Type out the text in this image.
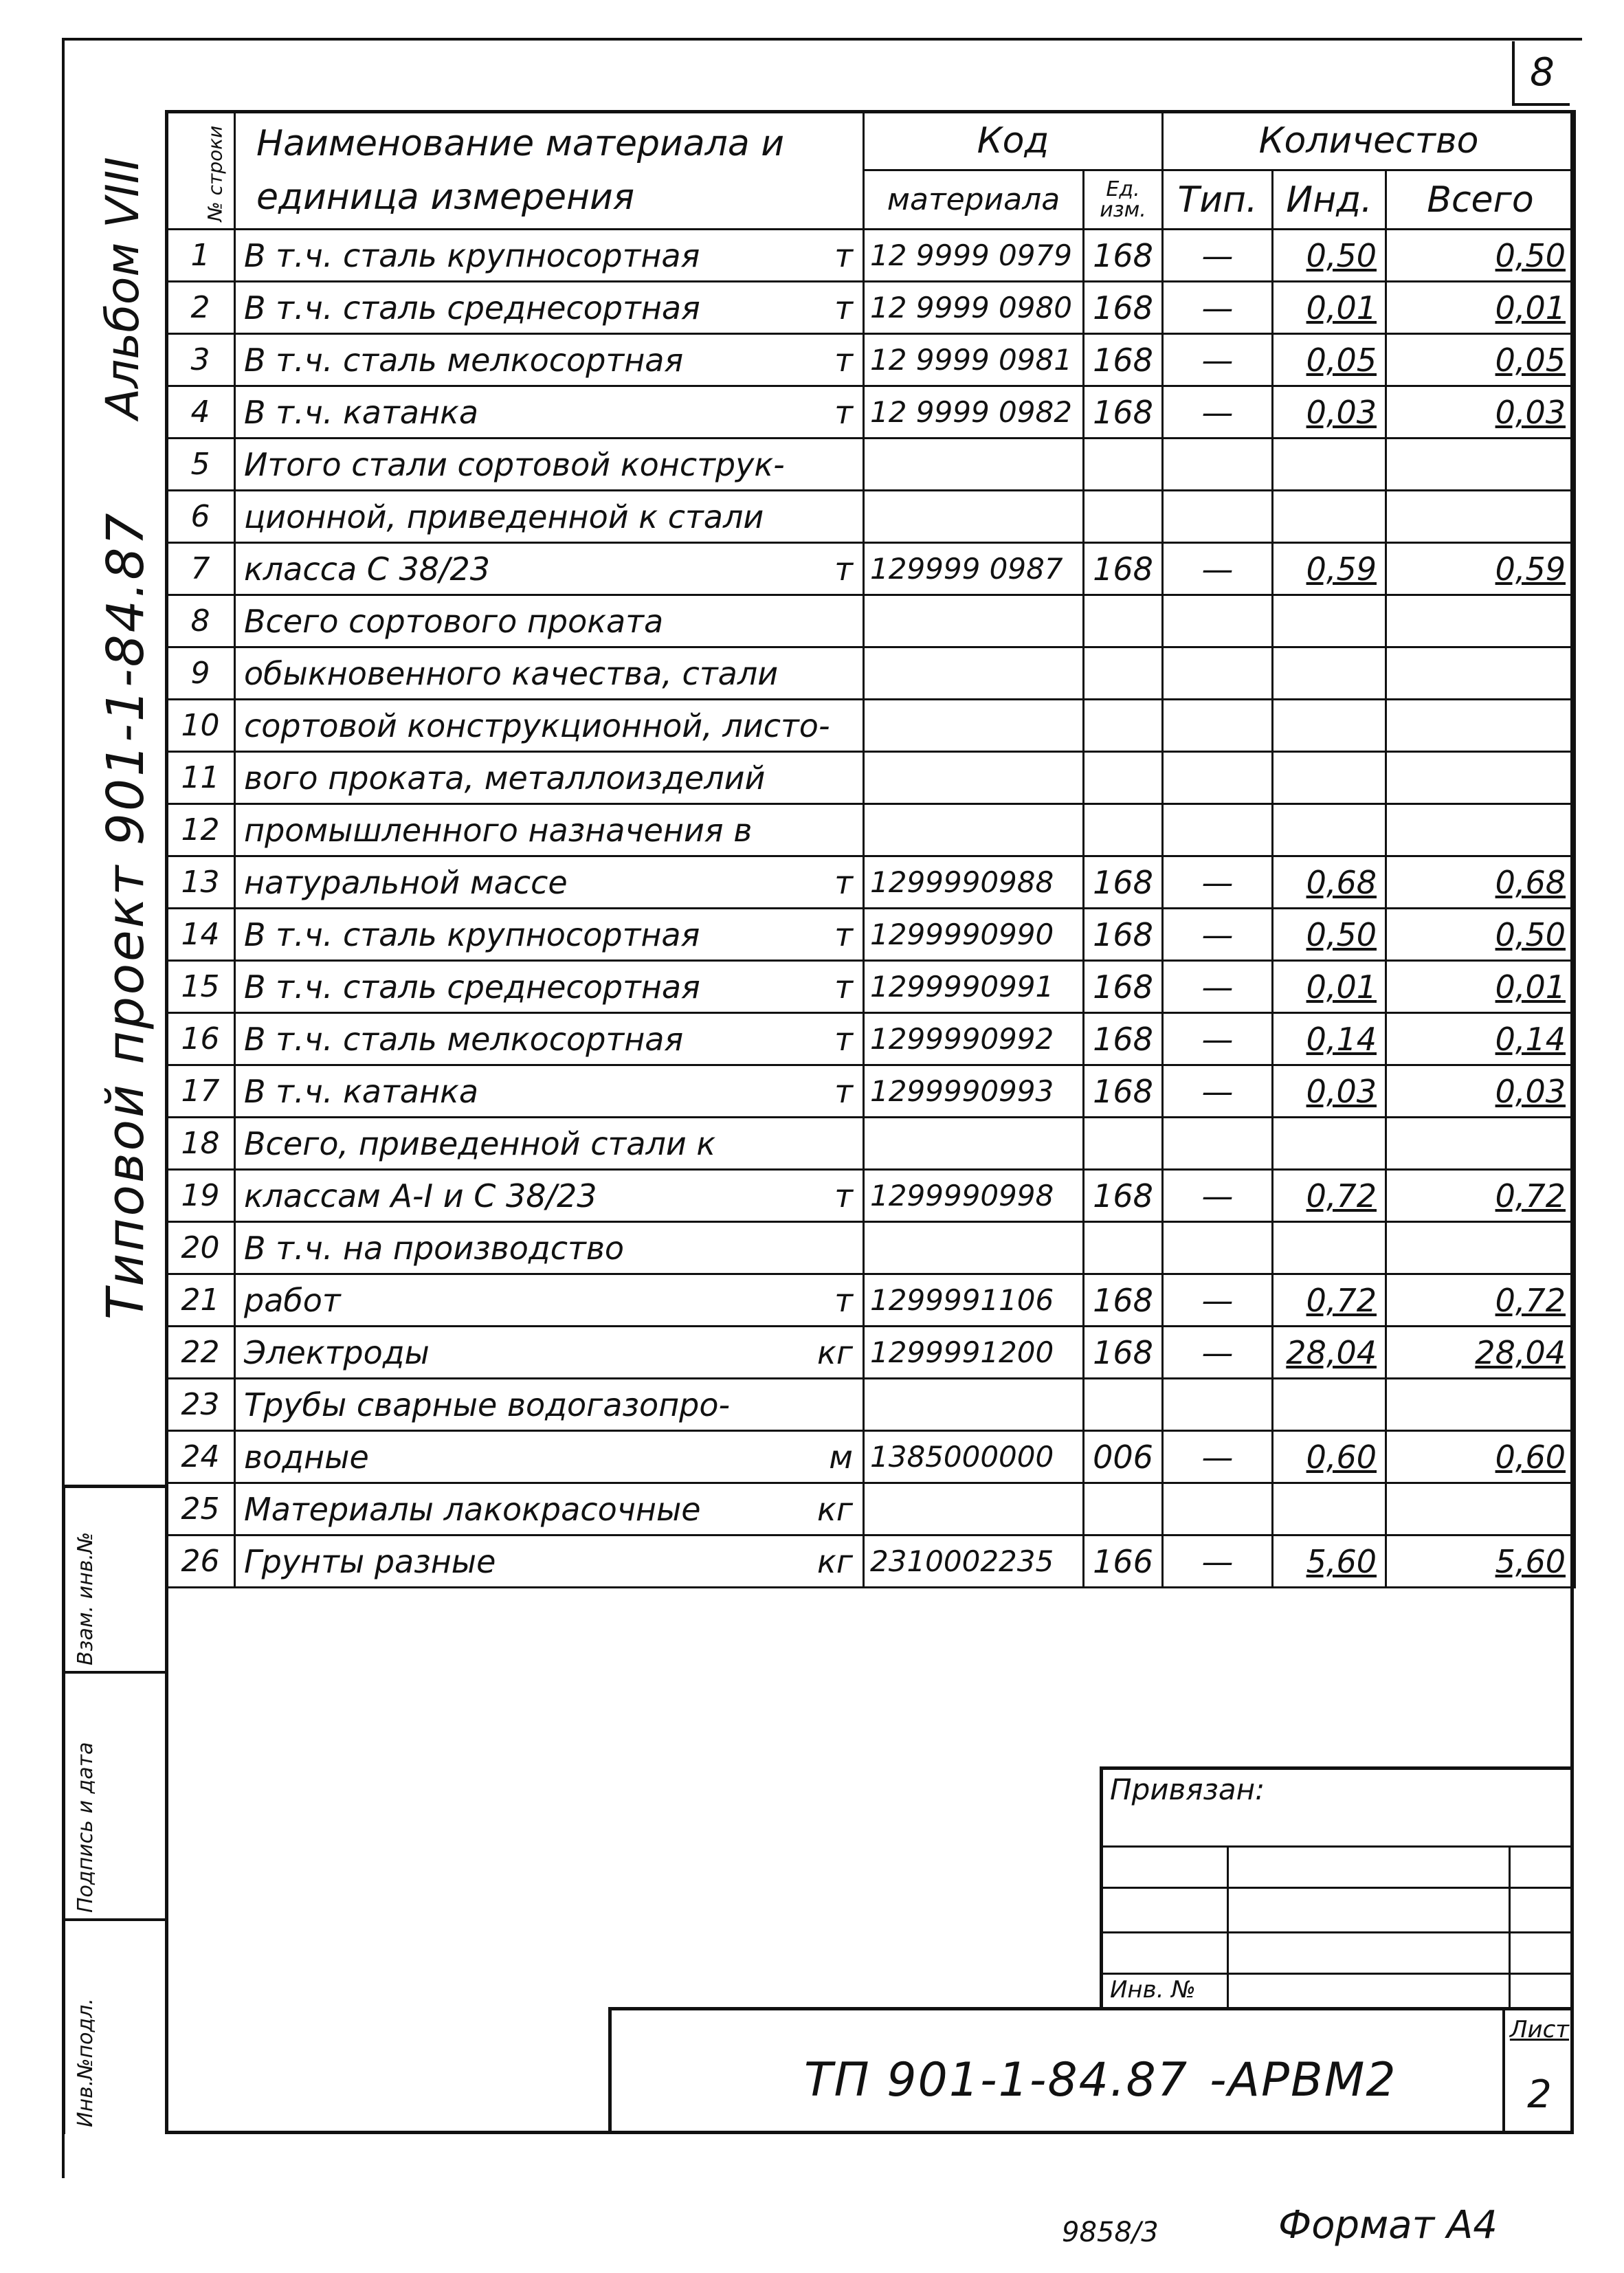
8
Альбом VIII
Типовой проект 901-1-84.87
Взам. инв.№
Подпись и дата
Инв.№подл.
№ строки	Наименование материала и единица измерения	Код		Количество		
		материала	Ед. изм.	Тип.	Инд.	Всего
1	В т.ч. сталь крупносортная т	12 9999 0979	168	—	0,50	0,50
2	В т.ч. сталь среднесортная т	12 9999 0980	168	—	0,01	0,01
3	В т.ч. сталь мелкосортная т	12 9999 0981	168	—	0,05	0,05
4	В т.ч. катанка т	12 9999 0982	168	—	0,03	0,03
5	Итого стали сортовой конструк-

6	ционной, приведенной к стали

7	класса С 38/23 т	129999 0987	168	—	0,59	0,59
8	Всего сортового проката

9	обыкновенного качества, стали

10	сортовой конструкционной, листо-

11	вого проката, металлоизделий

12	промышленного назначения в

13	натуральной массе т	1299990988	168	—	0,68	0,68
14	В т.ч. сталь крупносортная т	1299990990	168	—	0,50	0,50
15	В т.ч. сталь среднесортная т	1299990991	168	—	0,01	0,01
16	В т.ч. сталь мелкосортная т	1299990992	168	—	0,14	0,14
17	В т.ч. катанка т	1299990993	168	—	0,03	0,03
18	Всего, приведенной стали к

19	классам А-I и С 38/23 т	1299990998	168	—	0,72	0,72
20	В т.ч. на производство

21	работ т	1299991106	168	—	0,72	0,72
22	Электроды кг	1299991200	168	—	28,04	28,04
23	Трубы сварные водогазопро-

24	водные м	1385000000	006	—	0,60	0,60
25	Материалы лакокрасочные кг					

26	Грунты разные кг	2310002235	166	—	5,60	5,60
Привязан:
Инв. №
ТП 901-1-84.87 -АРВМ2
Лист
2
9858/3	Формат А4
